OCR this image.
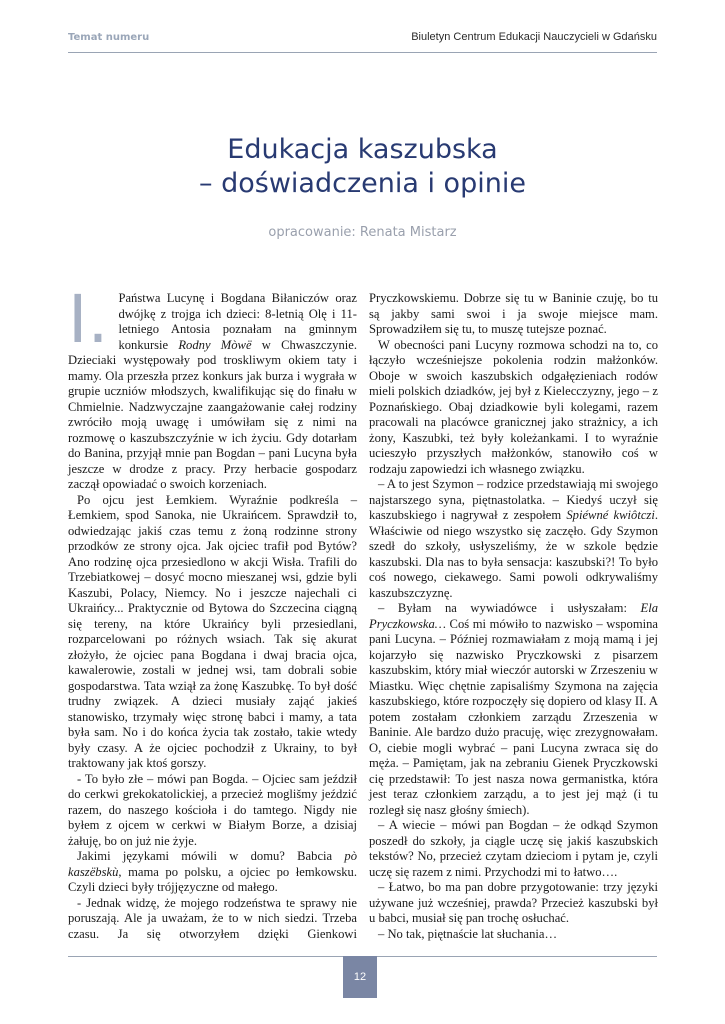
Temat numeru	Biuletyn Centrum Edukacji Nauczycieli w Gdańsku
Edukacja kaszubska
– doświadczenia i opinie
opracowanie: Renata Mistarz

I. Państwa Lucynę i Bogdana Biłaniczów oraz dwójkę z trojga ich dzieci: 8-letnią Olę i 11-letniego Antosia poznałam na gminnym konkursie Rodny Mòwë w Chwaszczynie. Dzieciaki występowały pod troskliwym okiem taty i mamy. Ola przeszła przez konkurs jak burza i wygrała w grupie uczniów młodszych, kwalifikując się do finału w Chmielnie. Nadzwyczajne zaangażowanie całej rodziny zwróciło moją uwagę i umówiłam się z nimi na rozmowę o kaszubszczyźnie w ich życiu. Gdy dotarłam do Banina, przyjął mnie pan Bogdan – pani Lucyna była jeszcze w drodze z pracy. Przy herbacie gospodarz zaczął opowiadać o swoich korzeniach.

Po ojcu jest Łemkiem. Wyraźnie podkreśla – Łemkiem, spod Sanoka, nie Ukraińcem. Sprawdził to, odwiedzając jakiś czas temu z żoną rodzinne strony przodków ze strony ojca. Jak ojciec trafił pod Bytów? Ano rodzinę ojca przesiedlono w akcji Wisła. Trafili do Trzebiatkowej – dosyć mocno mieszanej wsi, gdzie byli Kaszubi, Polacy, Niemcy. No i jeszcze najechali ci Ukraińcy... Praktycznie od Bytowa do Szczecina ciągną się tereny, na które Ukraińcy byli przesiedlani, rozparcelowani po różnych wsiach. Tak się akurat złożyło, że ojciec pana Bogdana i dwaj bracia ojca, kawalerowie, zostali w jednej wsi, tam dobrali sobie gospodarstwa. Tata wziął za żonę Kaszubkę. To był dość trudny związek. A dzieci musiały zająć jakieś stanowisko, trzymały więc stronę babci i mamy, a tata była sam. No i do końca życia tak zostało, takie wtedy były czasy. A że ojciec pochodził z Ukrainy, to był traktowany jak ktoś gorszy.

- To było złe – mówi pan Bogda. – Ojciec sam jeździł do cerkwi grekokatolickiej, a przecież moglišmy jeździć razem, do naszego kościoła i do tamtego. Nigdy nie byłem z ojcem w cerkwi w Białym Borze, a dzisiaj żałuję, bo on już nie żyje.

Jakimi językami mówili w domu? Babcia pò kaszëbskù, mama po polsku, a ojciec po łemkowsku. Czyli dzieci były trójjęzyczne od małego.

- Jednak widzę, że mojego rodzeństwa te sprawy nie poruszają. Ale ja uważam, że to w nich siedzi. Trzeba czasu. Ja się otworzyłem dzięki Gienkowi Pryczkowskiemu. Dobrze się tu w Baninie czuję, bo tu są jakby sami swoi i ja swoje miejsce mam. Sprowadziłem się tu, to muszę tutejsze poznać.

W obecności pani Lucyny rozmowa schodzi na to, co łączyło wcześniejsze pokolenia rodzin małżonków. Oboje w swoich kaszubskich odgałęzieniach rodów mieli polskich dziadków, jej był z Kielecczyzny, jego – z Poznańskiego. Obaj dziadkowie byli kolegami, razem pracowali na placówce granicznej jako strażnicy, a ich żony, Kaszubki, też były koleżankami. I to wyraźnie ucieszyło przyszłych małżonków, stanowiło coś w rodzaju zapowiedzi ich własnego związku.

– A to jest Szymon – rodzice przedstawiają mi swojego najstarszego syna, piętnastolatka. – Kiedyś uczył się kaszubskiego i nagrywał z zespołem Spiéwné kwiôtczi. Właściwie od niego wszystko się zaczęło. Gdy Szymon szedł do szkoły, usłyszeliśmy, że w szkole będzie kaszubski. Dla nas to była sensacja: kaszubski?! To było coś nowego, ciekawego. Sami powoli odkrywaliśmy kaszubszczyznę.

– Byłam na wywiadówce i usłyszałam: Ela Pryczkowska… Coś mi mówiło to nazwisko – wspomina pani Lucyna. – Później rozmawiałam z moją mamą i jej kojarzyło się nazwisko Pryczkowski z pisarzem kaszubskim, który miał wieczór autorski w Zrzeszeniu w Miastku. Więc chętnie zapisaliśmy Szymona na zajęcia kaszubskiego, które rozpoczęły się dopiero od klasy II. A potem zostałam członkiem zarządu Zrzeszenia w Baninie. Ale bardzo dużo pracuję, więc zrezygnowałam. O, ciebie mogli wybrać – pani Lucyna zwraca się do męża. – Pamiętam, jak na zebraniu Gienek Pryczkowski cię przedstawił: To jest nasza nowa germanistka, która jest teraz członkiem zarządu, a to jest jej mąż (i tu rozległ się nasz głośny śmiech).

– A wiecie – mówi pan Bogdan – że odkąd Szymon poszedł do szkoły, ja ciągle uczę się jakiś kaszubskich tekstów? No, przecież czytam dzieciom i pytam je, czyli uczę się razem z nimi. Przychodzi mi to łatwo….

– Łatwo, bo ma pan dobre przygotowanie: trzy języki używane już wcześniej, prawda? Przecież kaszubski był u babci, musiał się pan trochę osłuchać.

– No tak, piętnaście lat słuchania…

12
